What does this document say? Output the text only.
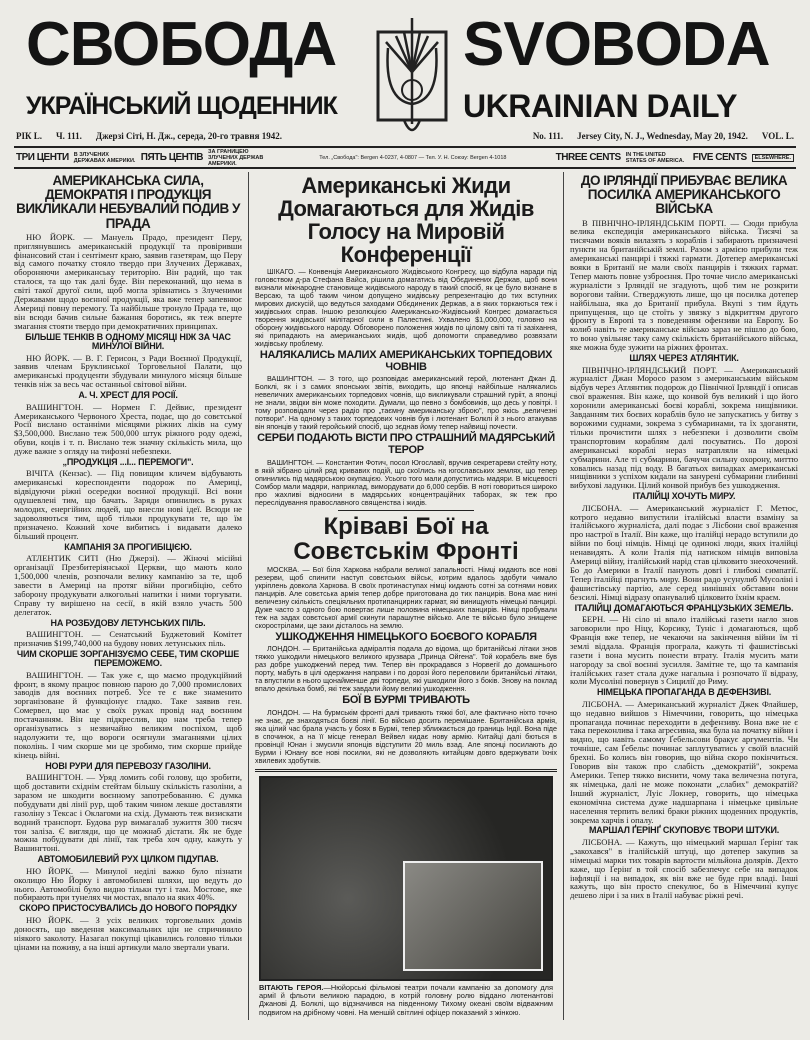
СВОБОДА SVOBODA
УКРАЇНСЬКИЙ ЩОДЕННИК	UKRAINIAN DAILY
РІК L. Ч. 111. Джерзі Сіті, Н. Дж., середа, 20-го травня 1942.	No. 111. Jersey City, N. J., Wednesday, May 20, 1942. VOL. L.
ТРИ ЦЕНТИ В ЗЛУЧЕНИХ ДЕРЖАВАХ АМЕРИКИ. ПЯТЬ ЦЕНТІВ ЗА ГРАНИЦЕЮ ЗЛУЧЕНИХ ДЕРЖАВ АМЕРИКИ.
Тел. „Свобода": Bergen 4-0237, 4-0807 — Тел. У. Н. Союзу: Bergen 4-1018	THREE CENTS IN THE UNITED STATES OF AMERICA. FIVE CENTS	ELSEWHERE.
АМЕРИКАНСЬКА СИЛА, ДЕМОКРАТІЯ І ПРОДУКЦІЯ ВИКЛИКАЛИ НЕБУВАЛИЙ ПОДИВ У ПРАДА

НЮ ЙОРК. — Мануель Прадо, президент Перу, приглянувшись американській продукції та провіривши фінансовий стан і сентімент краю, заявив газетярам, що Перу від самого початку стояло твердо при Злучених Державах, обороняючи американську територію. Він радий, що так сталося, та що так далі буде. Він переконаний, що нема в світі такої другої сили, щоб могла зрівнатись з Злученими Державами щодо воєнної продукції, яка вже тепер запевнює Америці повну перемогу. Та найбільше тронуло Прада те, що він всюди бачив сильне бажання боротись, як теж вперте змагання стояти твердо при демократичних принципах.

БІЛЬШЕ ТЕНКІВ В ОДНОМУ МІСЯЦІ НІЖ ЗА ЧАС МИНУЛОЇ ВІЙНИ.

НЮ ЙОРК. — В. Г. Герисон, з Ради Воєнної Продукції, заявив членам Бруклинської Торговельної Палати, що американські продуценти збудували минулого місяця більше тенків ніж за весь час останньої світової війни.

А. Ч. ХРЕСТ ДЛЯ РОСІЇ.

ВАШИНГТОН. — Нормен Г. Дейвис, президент Американського Червоного Хреста, подає, що до совєтської Росії вислано останніми місяцями ріжних ліків на суму $3,500,000. Вислано теж 500,000 штук ріжного роду одежі, обуви, коців і т. п. Вислано теж значну скількість мила, що дуже важне з огляду на тифозні небезпеки.

„ПРОДУКЦІЯ ...І... ПЕРЕМОГИ".

ВІЧІТА (Кензас). — Під повищим кличем відбувають американські кореспонденти подорож по Америці, відвідуючи ріжні осередки воєнної продукції. Всі вони одушевлені тим, що бачать. Заряди опинились в руках молодих, енергійних людей, що внесли нові ідеї. Всюди не задоволяються тим, щоб тільки продукувати те, що їм призначено. Кожний хоче вибитись і видавати далеко більший процент.

КАМПАНІЯ ЗА ПРОГИБІЦІЄЮ.

АТЛЕНТИК СИТІ (Ню Джерзі). — Жіночі місійні організації Презбитеріянської Церкви, що мають коло 1,500,000 членів, розпочали велику кампанію за те, щоб завести в Америці на протяг війни прогибіцію, себто заборону продукувати алкогольні напитки і ними торгувати. Справу ту вирішено на сесії, в якій взяло участь 500 делегаток.

НА РОЗБУДОВУ ЛЕТУНСЬКИХ ПІЛЬ.

ВАШИНГТОН. — Сенатський Буджетовий Комітет призначив $199,740,000 на будову нових летунських піль.

ЧИМ СКОРШЕ ЗОРГАНІЗУЄМО СЕБЕ, ТИМ СКОРШЕ ПЕРЕМОЖЕМО.

ВАШИНГТОН. — Так уже є, що маємо продукційний фронт, в якому працює повною парою до 7,000 промислових заводів для воєнних потреб. Усе те є вже знаменито зорганізоване й функціонує гладко. Таке заявив ген. Сомервел, що має у своїх руках провід над воєнним постачанням. Він ще підкреслив, що нам треба тепер організуватись з незвичайно великим поспіхом, щоб надолужити те, що вороги осягнули змаганнями цілих поколінь. І чим скорше ми це зробимо, тим скорше прийде кінець війні.

НОВІ РУРИ ДЛЯ ПЕРЕВОЗУ ГАЗОЛІНИ.

ВАШИНГТОН. — Уряд ломить собі голову, що зробити, щоб доставити східнім стейтам більшу скількість газоліни, а заразом не шкодити воєнному запотребованню. Є думка побудувати дві лінії рур, щоб таким чином лекше доставляти газоліну з Тексас і Оклагоми на схід. Думають теж визискати водний транспорт. Будова рур вимагалаб зужиття 300 тисяч тон заліза. Є вигляди, що це можнаб дістати. Як не буде можна побудувати дві лінії, так треба хоч одну, кажуть у Вашингтоні.

АВТОМОБИЛЕВИЙ РУХ ЦІЛКОМ ПІДУПАВ.

НЮ ЙОРК. — Минулої неділі важко було пізнати околицю Ню Йорку і автомобилеві шляхи, що ведуть до нього. Автомобілі було видно тільки тут і там. Мостове, яке побирають при тунелях чи мостах, впало на яких 40%.

СКОРО ПРИСТОСУВАЛИСЬ ДО НОВОГО ПОРЯДКУ

НЮ ЙОРК. — З усіх великих торговельних домів доносять, що введення максимальних цін не спричинило ніякого заколоту. Назагал покупці цікавились головно тільки цінами на поживу, а на інші артикули мало звертали уваги.

Американські Жиди Домагаються для Жидів Голосу на Мировій Конференції

ШІКАГО. — Конвенція Американського Жидівського Конгресу, що відбула наради під головством д-ра Стефана Вайса, рішила домагатись від Обєдинених Держав, щоб вони визнали міжнародне становище жидівського народу в такий спосіб, як це було визнане в Версаю, та щоб таким чином допущено жидівську репрезентацію до тих вступних мирових дискусій, що ведуться заходами Обєдинених Держав, а в яких торкаються теж і жидівських справ. Іншою резолюцією Американсько-Жидівський Конгрес домагається творення жидівської мілітарної сили в Палестині. Ухвалено $1,000,000, головно на оборону жидівського народу. Обговорено положення жидів по цілому світі та ті зазіхання, які припадають на американських жидів, щоб допомогти справедливо розвязати жидівську проблему.

НАЛЯКАЛИСЬ МАЛИХ АМЕРИКАНСЬКИХ ТОРПЕДОВИХ ЧОВНІВ

ВАШИНГТОН. — З того, що розповідає американський герой, лютенант Джан Д. Болклі, як і з самих японських звітів, виходить, що японці найбільше налякались невеличких американських торпедових човнів, що викликували страшний гурііт, а японці не знали, звідки він може походити. Думали, що певно з бомбовиків, що десь у повітрі. І тому розповідали через радіо про „таємну американську зброю", про якісь „величезні потвори". На одному з таких торпедових човнів був і лютенант Болклі й з нього атакував він японців у такий геройський спосіб, що зєднав йому тепер найвищі почести.

СЕРБИ ПОДАЮТЬ ВІСТИ ПРО СТРАШНИЙ МАДЯРСЬКИЙ ТЕРОР

ВАШИНГТОН. — Константин Фотич, посол Югославії, вручив секретареви стейту ноту, в якій зібрано цілий ряд кривавих подій, що скоїлись на югославських землях, що тепер опинились під мадярською окупацією. Усього того мали допуститись мадяри. В місцевості Сомбор мали мадяри, наприклад, вимордувати до 6,000 сербів. В ноті говориться широко про жахливі відносини в мадярських концентраційних таборах, як теж про переслідування православного священства і жидів.

Кріваві Бої на Совєтськім Фронті

МОСКВА. — Бої біля Харкова набрали великої запальності. Німці кидають все нові резерви, щоб спинити наступ совєтських військ, котрим вдалось здобути чимало укріплень довкола Харкова. В своїх протинаступах німці кидають сотні за сотнями нових панцирів. Але совєтська армія тепер добре приготована до тих панцирів. Вона має нині величезну скількість спеціяльних протипанцирних гармат, які винищують німецькі панцирі. Дуже часто з одного бою повертає лише половина німецьких панцирів. Німці пробували теж на задах совєтської армії скинути парашутне військо. Але те військо було знищене скорострілами, ще заки дісталось на землю.

УШКОДЖЕННЯ НІМЕЦЬКОГО БОЄВОГО КОРАБЛЯ

ЛОНДОН. — Британійська адміралтія подала до відома, що британійські літаки знов тяжко ушкодили німецького великого крузвара „Принца Ойгена". Той корабель вже був раз добре ушкоджений перед тим. Тепер він прокрадався з Норвегії до домашнього порту, мабуть в цілі одержання направи і по дорозі його переловили британійські літаки, та впустили в нього щонайменше дві торпеди, які ушкодили його з боків. Знову на поклад впало декілька бомб, які теж завдали йому великі ушкодження.

БОЇ В БУРМІ ТРИВАЮТЬ

ЛОНДОН. — На бурмськім фронті далі тривають тяжкі бої, але фактично ніхто точно не знає, де знаходяться боєві лінії. Бо військо досить перемішане. Британійська армія, яка цілий час брала участь у боях в Бурмі, тепер зближається до границь Індії. Вона піде в спочинок, а на її місце генерал Вейвел кидає нову армію. Китайці далі бються в провінції Юнан і змусили японців відступити 20 миль взад. Але японці посилають до Бурми і Юнану все нові посилки, які не дозволяють китайцям довго вдержувати їхніх хвилевих здобутків.

ВІТАЮТЬ ГЕРОЯ.—Нюйорські фільмові театри почали кампанію за допомогу для армії й фльоти великою парадою, в котрій головну ролю віддано лютенантові Джанові Д. Болклі, що відзначився на південному Тихому океані своїм відважним подвигом на дрібному човні. На меншій світлині офіцер показаний з жінкою.
ДО ІРЛЯНДІЇ ПРИБУВАЄ ВЕЛИКА ПОСИЛКА АМЕРИКАНСЬКОГО ВІЙСЬКА

В ПІВНІЧНО-ІРЛЯНДСЬКІМ ПОРТІ. — Сюди прибула велика експедиція американського війська. Тисячі за тисячами вояків вилазять з кораблів і забирають призначені пункти на британійській землі. Разом з армією прибули теж американські панцирі і тяжкі гармати. Дотепер американські вояки в Британії не мали своїх панцирів і тяжких гармат. Тепер мають повне узброєння. Про точне число американські журналісти з Ірляндії не згадують, щоб тим не розкрити ворогови тайни. Стверджують лише, що ця посилка дотепер найбільша, яка до Британії прибула. Вкупі з тим йдуть припущення, що це стоїть у звязку з відкриттям другого фронту в Европі та з поведенням офензиви на Европу. Бо колиб навіть те американське військо зараз не пішло до бою, то воно увільняє таку саму скількість британійського війська, яке можна буде зужити на ріжних фронтах.

ШЛЯХ ЧЕРЕЗ АТЛЯНТИК.

ПІВНІЧНО-ІРЛЯНДСЬКИЙ ПОРТ. — Американський журналіст Джан Моросо разом з американським військом відбув через Атлянтик подорож до Північної Ірляндії і описав свої враження. Він каже, що конвой був великий і що його хоронили американські боєві кораблі, зокрема нищівники. Завданням тих боєвих кораблів було не запускатись у битву з ворожими суднами, зокрема з субмаринами, та їх здоганяти, тільки прочистити шлях з небезпеки і дозволити своїм транспортовим кораблям далі посуватись. По дорозі американські кораблі нераз натрапляли на німецькі субмарини. Але ті субмарини, бачучи сильну охорону, миттю ховались назад під воду. В багатьох випадках американські нищівники з успіхом кидали на занурені субмарини глибинні вибухові ладунки. Цілий конвой прибув без ушкодження.

ІТАЛІЙЦІ ХОЧУТЬ МИРУ.

ЛІСБОНА. — Американський журналіст Г. Метюс, котрого недавно випустили італійські власти взаміну за італійського журналіста, далі подає з Лісбони свої враження про настрої в Італії. Він каже, що італійці нерадо вступили до війни по боці німців. Німці це одинокі люди, яких італійці ненавидять. А коли Італія під натиском німців виповіла Америці війну, італійський нарід став цілковито знеохочений. Бо до Америки в Італії панують довгі і глибокі симпатії. Тепер італійці прагнуть миру. Вони радо усунулиб Мусоліні і фашистівську партію, але серед нинішніх обставин вони безсилі. Німці відразу опанувалиб цілковито їхнім краєм.

ІТАЛІЙЦІ ДОМАГАЮТЬСЯ ФРАНЦУЗЬКИХ ЗЕМЕЛЬ.

БЕРН. — Ні сіло ні впало італійські газети нагло знов заговорили про Ніцу, Корсику, Туніс і домагаються, щоб Франція вже тепер, не чекаючи на закінчення війни їм ті землі віддала. Франція програла, кажуть ті фашистівські газети і вона мусить понести втрату. Італія мусить мати нагороду за свої воєнні зусилля. Замітне те, що та кампанія італійських газет стала дуже нагальна і розпочато її відразу, коли Мусоліні повернув з Сицилії до Риму.

НІМЕЦЬКА ПРОПАГАНДА В ДЕФЕНЗИВІ.

ЛІСБОНА. — Американський журналіст Джек Флайшер, що недавно вийшов з Німеччини, говорить, що німецька пропаганда починає переходити в дефензиву. Вона вже не є така переконлива і така агресивна, яка була на початку війни і видно, що навіть самому Ґебельсови бракує аргументів. Чи точніше, сам Ґебельс починає заплутуватись у своїй власній брехні. Бо колись він говорив, що війна скоро покінчиться. Говорив він також про слабість „демократій", зокрема Америки. Тепер тяжко виснити, чому така величезна потуга, як німецька, далі не може поконати „слабих" демократій? Інший журналіст, Луіс Локнер, говорить, що німецька економічна система дуже надшарпана і німецьке цивільне населення терпить великі браки ріжних щоденних продуктів, зокрема харчів і опалу.

МАРШАЛ ҐЕРІНҐ СКУПОВУЄ ТВОРИ ШТУКИ.

ЛІСБОНА. — Кажуть, що німецький маршал Ґерінґ так „закохався" в італійській штуці, що дотепер закупив за німецькі марки тих товарів вартости мільйона долярів. Дехто каже, що Ґерінґ в той спосіб забезпечує себе на випадок інфляції і на випадок, як він вже не буде при владі. Інші кажуть, що він просто спекулює, бо в Німеччині купує дешево ліри і за них в Італії набуває ріжні речі.
